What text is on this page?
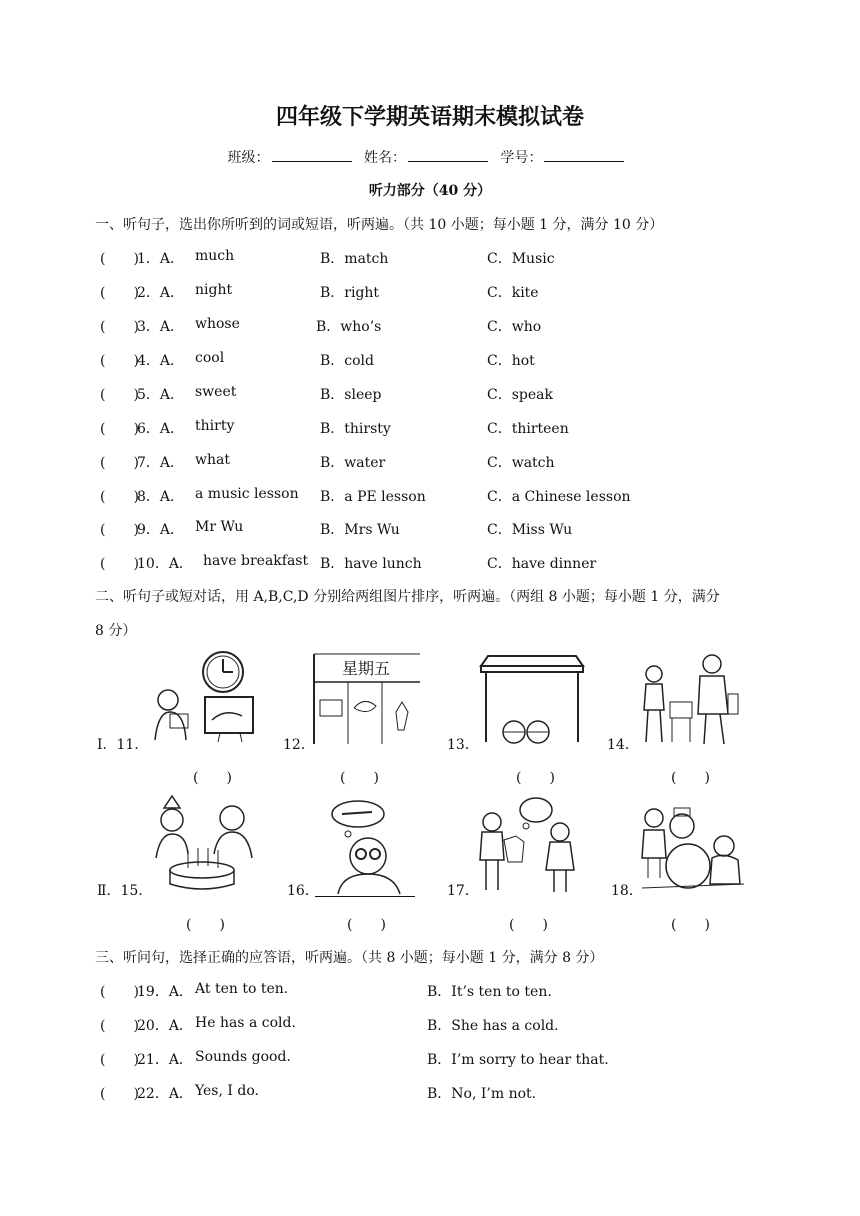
四年级下学期英语期末模拟试卷
班级：	姓名：	学号：
听力部分（40 分）
一、听句子，选出你所听到的词或短语，听两遍。（共 10 小题；每小题 1 分，满分 10 分）
(　　)
1．A． much	B．match	C．Music
(　　)
2．A． night	B．right	C．kite
(　　)
3．A． whose	B．who’s	C．who
(　　)
4．A． cool	B．cold	C．hot
(　　)
5．A． sweet	B．sleep	C．speak
(　　)
6．A． thirty	B．thirsty	C．thirteen
(　　)
7．A． what	B．water	C．watch
(　　)
8．A． a music lesson B．a PE lesson	C．a Chinese lesson
(　　)
9．A． Mr Wu	B．Mrs Wu	C．Miss Wu
(　　)
10．A． have breakfast B．have lunch	C．have dinner
二、听句子或短对话，用 A,B,C,D 分别给两组图片排序，听两遍。（两组 8 小题；每小题 1 分，满分
8 分）
Ⅰ．11．	12．
星期五
13．	14．
(　　)	(　　)	(　　)	(　　)
Ⅱ．15．	16．	17．	18．
(　　)	(　　)	(　　)	(　　)
三、听问句，选择正确的应答语，听两遍。（共 8 小题；每小题 1 分，满分 8 分）
(　　)
19．A． At ten to ten.	B．It’s ten to ten.
(　　)
20．A． He has a cold.	B．She has a cold.
(　　)
21．A． Sounds good.	B．I’m sorry to hear that.
(　　)
22．A． Yes, I do.	B．No, I’m not.
